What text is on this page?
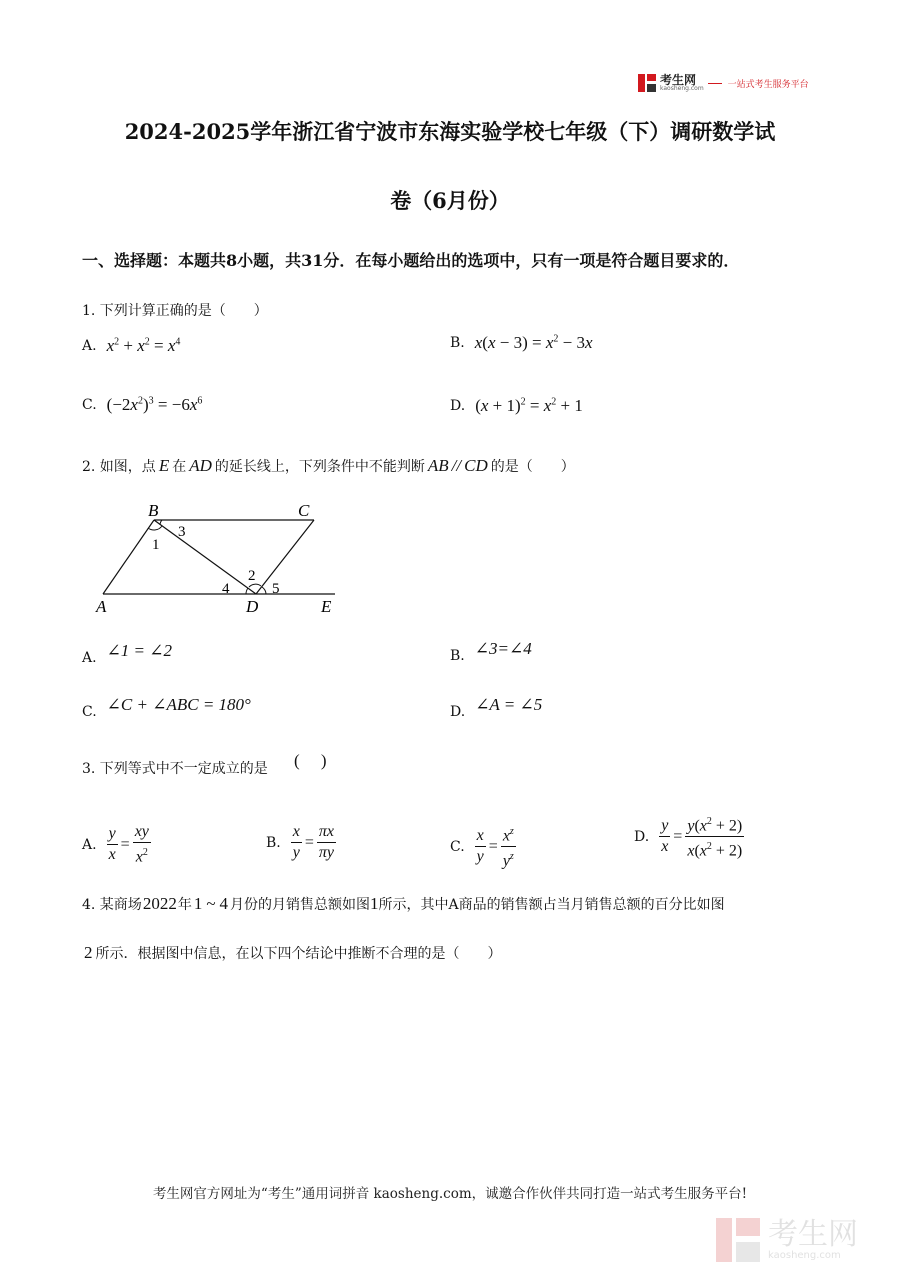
考生网
kaosheng.com	一站式考生服务平台
2024-2025学年浙江省宁波市东海实验学校七年级（下）调研数学试
卷（6月份）
一、选择题：本题共8小题，共31分．在每小题给出的选项中，只有一项是符合题目要求的．
1. 下列计算正确的是（　　）
A. $x^2 + x^2 = x^4$	B. $x(x - 3) = x^2 - 3x$
C. $(-2x^2)^3 = -6x^6$	D. $(x + 1)^2 = x^2 + 1$
2. 如图，点 E 在 AD 的延长线上，下列条件中不能判断 AB // CD 的是（　　）
B	C
A	D	E
1
2
3
4	5
A. ∠1 = ∠2	B. ∠3=∠4
C. ∠C + ∠ABC = 180°	D. ∠A = ∠5
3. 下列等式中不一定成立的是 (　 )
A. $\frac{y}{x} = \frac{xy}{x^2}$	B. $\frac{x}{y} = \frac{\pi x}{\pi y}$	C. $\frac{x}{y} = \frac{x^z}{y^z}$	D. $\frac{y}{x} = \frac{y(x^2 + 2)}{x(x^2 + 2)}$
4. 某商场 2022 年 1 ~ 4 月份的月销售总额如图 1 所示，其中A商品的销售额占当月销售总额的百分比如图
2 所示．根据图中信息，在以下四个结论中推断不合理的是（　　）
考生网官方网址为“考生”通用词拼音 kaosheng.com，诚邀合作伙伴共同打造一站式考生服务平台!
考生网
kaosheng.com
